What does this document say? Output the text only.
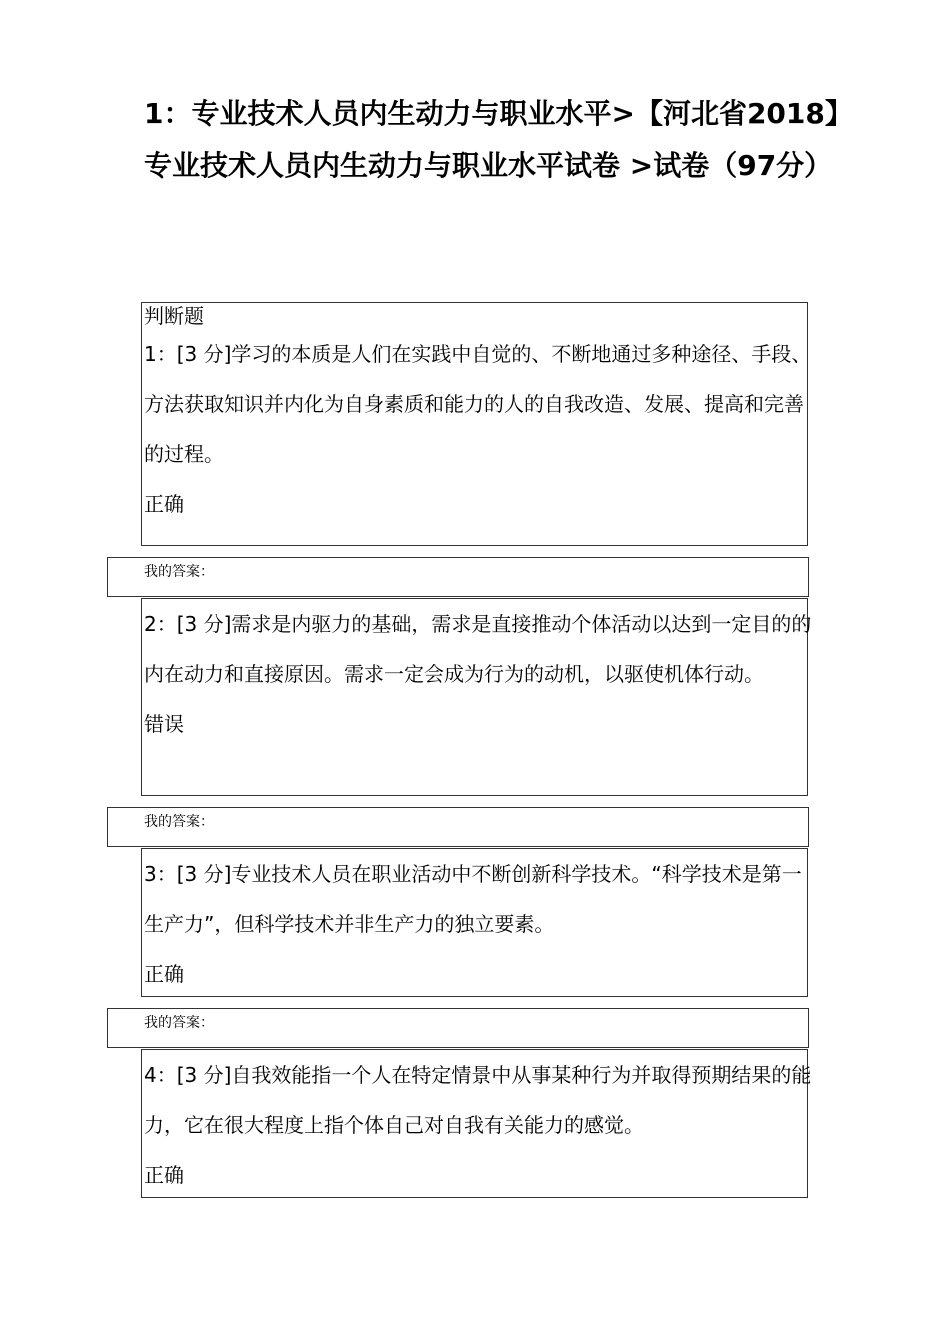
1：专业技术人员内生动力与职业水平>【河北省2018】专业技术人员内生动力与职业水平试卷 >试卷（97分）
判断题
1：[3 分]学习的本质是人们在实践中自觉的、不断地通过多种途径、手段、方法获取知识并内化为自身素质和能力的人的自我改造、发展、提高和完善的过程。
正确
我的答案：
2：[3 分]需求是内驱力的基础，需求是直接推动个体活动以达到一定目的的内在动力和直接原因。需求一定会成为行为的动机，以驱使机体行动。
错误
我的答案：
3：[3 分]专业技术人员在职业活动中不断创新科学技术。“科学技术是第一生产力”，但科学技术并非生产力的独立要素。
正确
我的答案：
4：[3 分]自我效能指一个人在特定情景中从事某种行为并取得预期结果的能力，它在很大程度上指个体自己对自我有关能力的感觉。
正确
